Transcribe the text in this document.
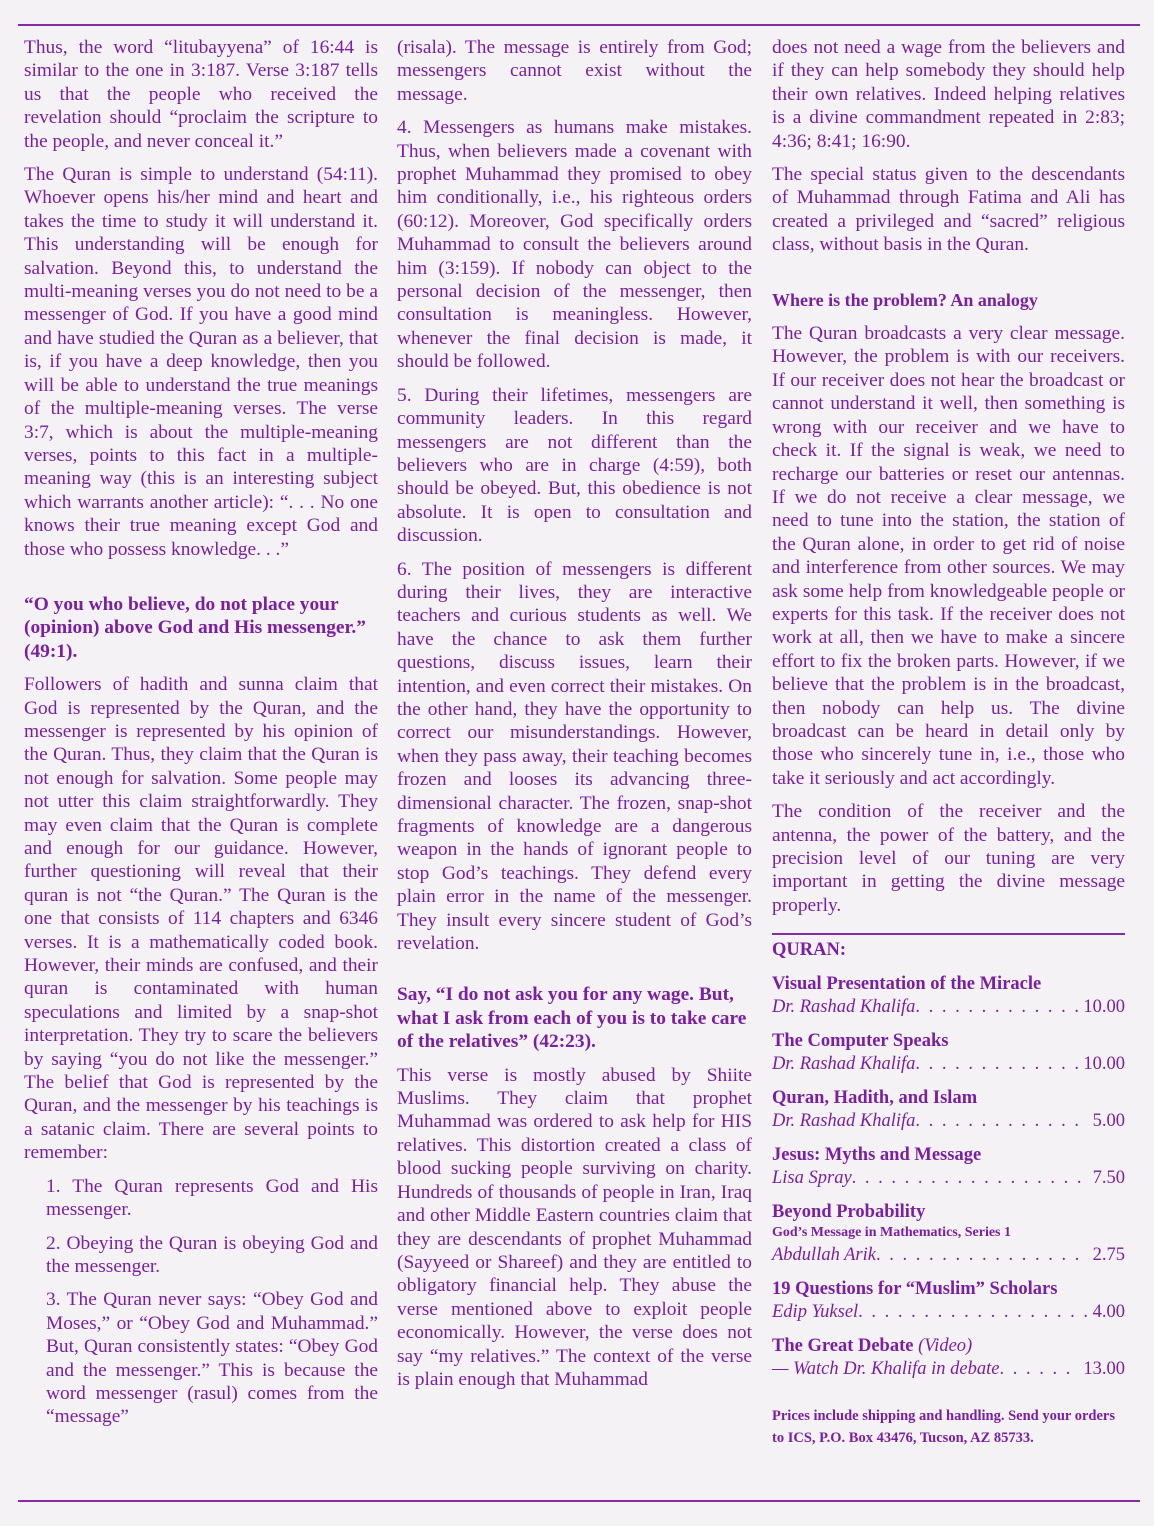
Thus, the word “litubayyena” of 16:44 is similar to the one in 3:187. Verse 3:187 tells us that the people who received the revelation should “proclaim the scripture to the people, and never conceal it.”

The Quran is simple to understand (54:11). Whoever opens his/her mind and heart and takes the time to study it will understand it. This understanding will be enough for salvation. Beyond this, to understand the multi-meaning verses you do not need to be a messenger of God. If you have a good mind and have studied the Quran as a believer, that is, if you have a deep knowledge, then you will be able to understand the true meanings of the multiple-meaning verses. The verse 3:7, which is about the multiple-meaning verses, points to this fact in a multiple-meaning way (this is an interesting subject which warrants another article): “. . . No one knows their true meaning except God and those who possess knowledge. . .”

“O you who believe, do not place your (opinion) above God and His messenger.” (49:1).

Followers of hadith and sunna claim that God is represented by the Quran, and the messenger is represented by his opinion of the Quran. Thus, they claim that the Quran is not enough for salvation. Some people may not utter this claim straightforwardly. They may even claim that the Quran is complete and enough for our guidance. However, further questioning will reveal that their quran is not “the Quran.” The Quran is the one that consists of 114 chapters and 6346 verses. It is a mathematically coded book. However, their minds are confused, and their quran is contaminated with human speculations and limited by a snap-shot interpretation. They try to scare the believers by saying “you do not like the messenger.” The belief that God is represented by the Quran, and the messenger by his teachings is a satanic claim. There are several points to remember:

1. The Quran represents God and His messenger.

2. Obeying the Quran is obeying God and the messenger.

3. The Quran never says: “Obey God and Moses,” or “Obey God and Muhammad.” But, Quran consistently states: “Obey God and the messenger.” This is because the word messenger (rasul) comes from the “message”

(risala). The message is entirely from God; messengers cannot exist without the message.

4. Messengers as humans make mistakes. Thus, when believers made a covenant with prophet Muhammad they promised to obey him conditionally, i.e., his righteous orders (60:12). Moreover, God specifically orders Muhammad to consult the believers around him (3:159). If nobody can object to the personal decision of the messenger, then consultation is meaningless. However, whenever the final decision is made, it should be followed.

5. During their lifetimes, messengers are community leaders. In this regard messengers are not different than the believers who are in charge (4:59), both should be obeyed. But, this obedience is not absolute. It is open to consultation and discussion.

6. The position of messengers is different during their lives, they are interactive teachers and curious students as well. We have the chance to ask them further questions, discuss issues, learn their intention, and even correct their mistakes. On the other hand, they have the opportunity to correct our misunderstandings. However, when they pass away, their teaching becomes frozen and looses its advancing three-dimensional character. The frozen, snap-shot fragments of knowledge are a dangerous weapon in the hands of ignorant people to stop God’s teachings. They defend every plain error in the name of the messenger. They insult every sincere student of God’s revelation.

Say, “I do not ask you for any wage. But, what I ask from each of you is to take care of the relatives” (42:23).

This verse is mostly abused by Shiite Muslims. They claim that prophet Muhammad was ordered to ask help for HIS relatives. This distortion created a class of blood sucking people surviving on charity. Hundreds of thousands of people in Iran, Iraq and other Middle Eastern countries claim that they are descendants of prophet Muhammad (Sayyeed or Shareef) and they are entitled to obligatory financial help. They abuse the verse mentioned above to exploit people economically. However, the verse does not say “my relatives.” The context of the verse is plain enough that Muhammad

does not need a wage from the believers and if they can help somebody they should help their own relatives. Indeed helping relatives is a divine commandment repeated in 2:83; 4:36; 8:41; 16:90.

The special status given to the descendants of Muhammad through Fatima and Ali has created a privileged and “sacred” religious class, without basis in the Quran.

Where is the problem? An analogy

The Quran broadcasts a very clear message. However, the problem is with our receivers. If our receiver does not hear the broadcast or cannot understand it well, then something is wrong with our receiver and we have to check it. If the signal is weak, we need to recharge our batteries or reset our antennas. If we do not receive a clear message, we need to tune into the station, the station of the Quran alone, in order to get rid of noise and interference from other sources. We may ask some help from knowledgeable people or experts for this task. If the receiver does not work at all, then we have to make a sincere effort to fix the broken parts. However, if we believe that the problem is in the broadcast, then nobody can help us. The divine broadcast can be heard in detail only by those who sincerely tune in, i.e., those who take it seriously and act accordingly.

The condition of the receiver and the antenna, the power of the battery, and the precision level of our tuning are very important in getting the divine message properly.

QURAN:

Visual Presentation of the Miracle
Dr. Rashad Khalifa . . .	10.00
The Computer Speaks
Dr. Rashad Khalifa . . .	10.00
Quran, Hadith, and Islam
Dr. Rashad Khalifa . . .	5.00
Jesus: Myths and Message
Lisa Spray . . .	7.50
Beyond Probability
God’s Message in Mathematics, Series 1
Abdullah Arik . . .	2.75
19 Questions for “Muslim” Scholars
Edip Yuksel . . .	4.00
The Great Debate (Video)
— Watch Dr. Khalifa in debate . . .	13.00
Prices include shipping and handling. Send your orders to ICS, P.O. Box 43476, Tucson, AZ 85733.
